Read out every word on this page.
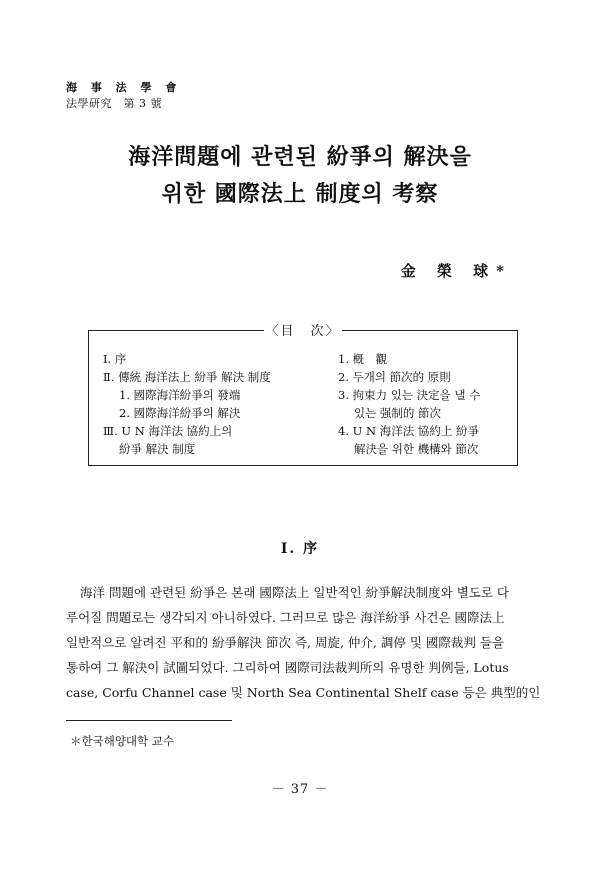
海 事 法 學 會
法學研究　第 3 號
海洋問題에 관련된 紛爭의 解決을
위한 國際法上 制度의 考察
金 榮 球*
〈目　次〉
Ⅰ. 序
Ⅱ. 傳統 海洋法上 紛爭 解決 制度
1. 國際海洋紛爭의 發端
2. 國際海洋紛爭의 解決
Ⅲ. U N 海洋法 協約上의
紛爭 解決 制度
1. 槪　觀
2. 두개의 節次的 原則
3. 拘束力 있는 決定을 낼 수
있는 强制的 節次
4. U N 海洋法 協約上 紛爭
解決을 위한 機構와 節次
Ⅰ. 序
海洋 問題에 관련된 紛爭은 본래 國際法上 일반적인 紛爭解決制度와 별도로 다
루어질 問題로는 생각되지 아니하였다. 그러므로 많은 海洋紛爭 사건은 國際法上
일반적으로 알려진 平和的 紛爭解決 節次 즉, 周旋, 仲介, 調停 및 國際裁判 들을
통하여 그 解決이 試圖되었다. 그리하여 國際司法裁判所의 유명한 判例들, Lotus
case, Corfu Channel case 및 North Sea Continental Shelf case 등은 典型的인
＊한국해양대학 교수
－ 37 －
